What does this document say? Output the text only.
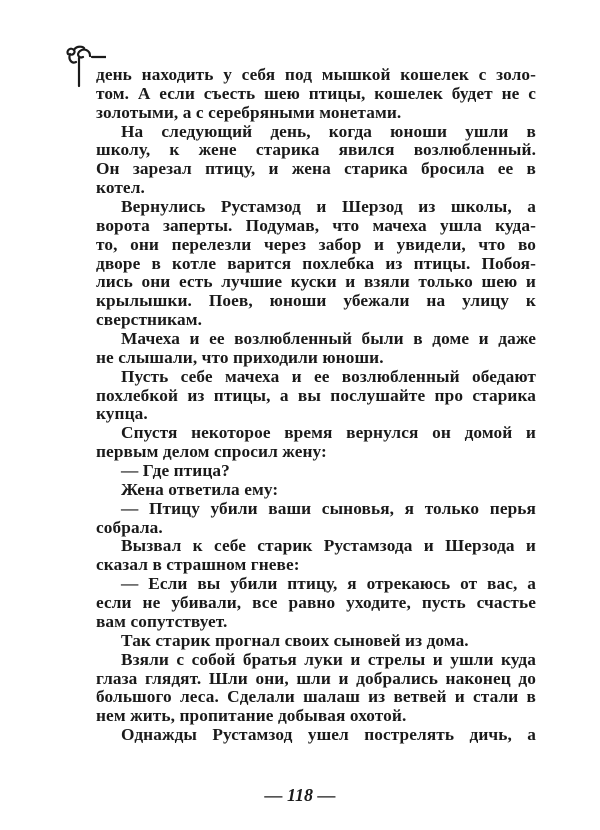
день находить у себя под мышкой кошелек с золо-
том. А если съесть шею птицы, кошелек будет не с
золотыми, а с серебряными монетами.
На следующий день, когда юноши ушли в
школу, к жене старика явился возлюбленный.
Он зарезал птицу, и жена старика бросила ее в
котел.
Вернулись Рустамзод и Шерзод из школы, а
ворота заперты. Подумав, что мачеха ушла куда-
то, они перелезли через забор и увидели, что во
дворе в котле варится похлебка из птицы. Побоя-
лись они есть лучшие куски и взяли только шею и
крылышки. Поев, юноши убежали на улицу к
сверстникам.
Мачеха и ее возлюбленный были в доме и даже
не слышали, что приходили юноши.
Пусть себе мачеха и ее возлюбленный обедают
похлебкой из птицы, а вы послушайте про старика
купца.
Спустя некоторое время вернулся он домой и
первым делом спросил жену:
— Где птица?
Жена ответила ему:
— Птицу убили ваши сыновья, я только перья
собрала.
Вызвал к себе старик Рустамзода и Шерзода и
сказал в страшном гневе:
— Если вы убили птицу, я отрекаюсь от вас, а
если не убивали, все равно уходите, пусть счастье
вам сопутствует.
Так старик прогнал своих сыновей из дома.
Взяли с собой братья луки и стрелы и ушли куда
глаза глядят. Шли они, шли и добрались наконец до
большого леса. Сделали шалаш из ветвей и стали в
нем жить, пропитание добывая охотой.
Однажды Рустамзод ушел пострелять дичь, а
— 118 —
